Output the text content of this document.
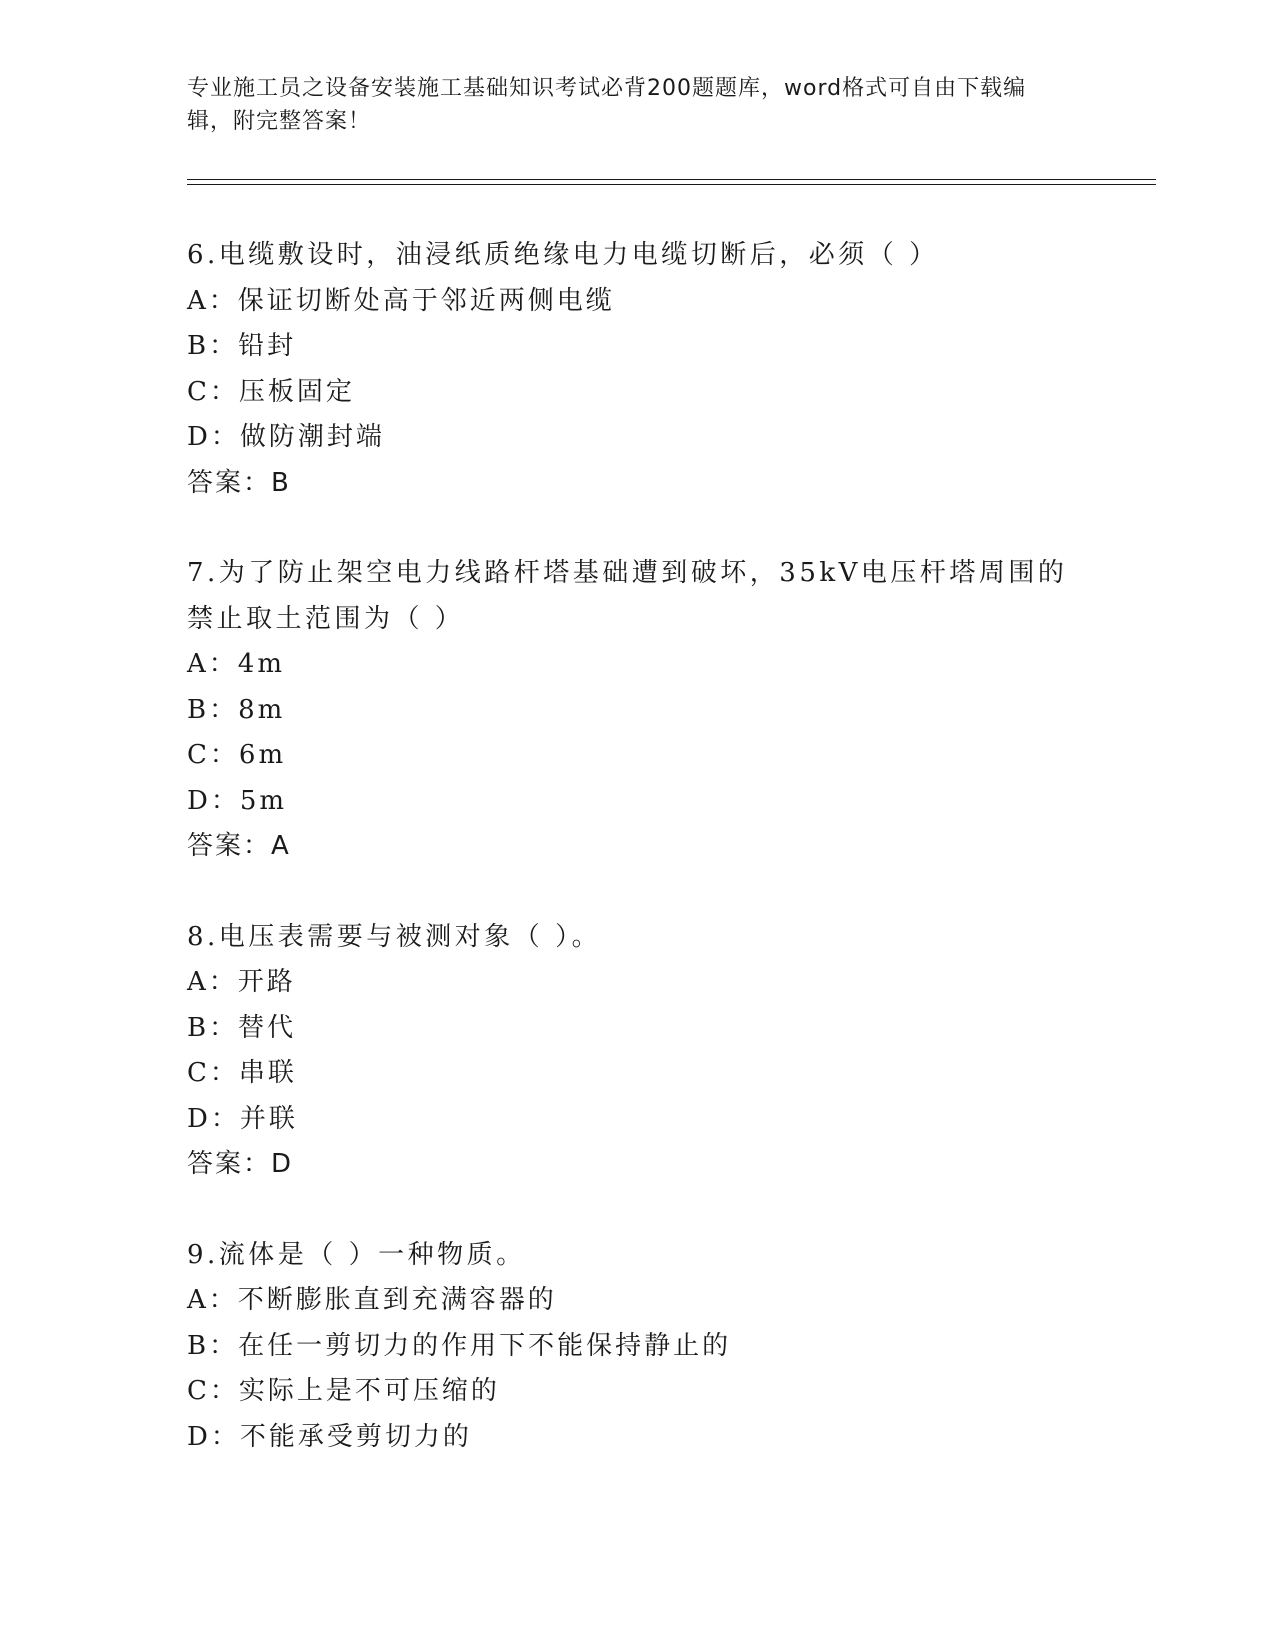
专业施工员之设备安装施工基础知识考试必背200题题库，word格式可自由下载编辑，附完整答案！
6.电缆敷设时，油浸纸质绝缘电力电缆切断后，必须（ ）
A：保证切断处高于邻近两侧电缆
B：铅封
C：压板固定
D：做防潮封端
答案：B
7.为了防止架空电力线路杆塔基础遭到破坏，35kV电压杆塔周围的禁止取土范围为（ ）
A：4m
B：8m
C：6m
D：5m
答案：A
8.电压表需要与被测对象（ ）。
A：开路
B：替代
C：串联
D：并联
答案：D
9.流体是（ ）一种物质。
A：不断膨胀直到充满容器的
B：在任一剪切力的作用下不能保持静止的
C：实际上是不可压缩的
D：不能承受剪切力的
